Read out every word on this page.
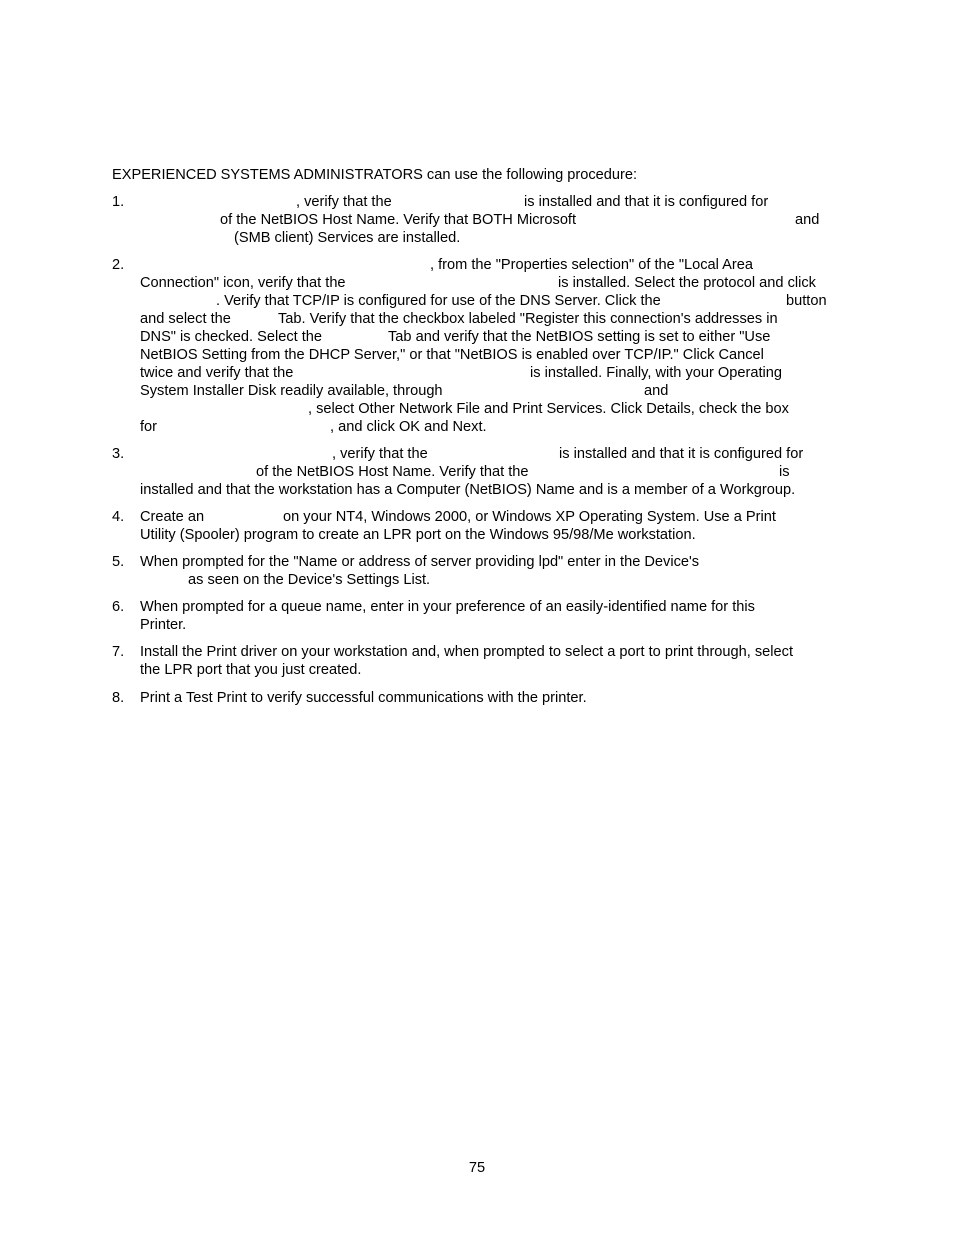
EXPERIENCED SYSTEMS ADMINISTRATORS can use the following procedure:
1.	, verify that the	is installed and that it is configured for
of the NetBIOS Host Name. Verify that BOTH Microsoft	and
(SMB client) Services are installed.
2.	, from the "Properties selection" of the "Local Area
Connection" icon, verify that the	is installed. Select the protocol and click
. Verify that TCP/IP is configured for use of the DNS Server. Click the	button
and select the	Tab. Verify that the checkbox labeled "Register this connection's addresses in
DNS" is checked. Select the	Tab and verify that the NetBIOS setting is set to either "Use
NetBIOS Setting from the DHCP Server," or that "NetBIOS is enabled over TCP/IP." Click Cancel
twice and verify that the	is installed. Finally, with your Operating
System Installer Disk readily available, through	and
, select Other Network File and Print Services. Click Details, check the box
for	, and click OK and Next.
3.	, verify that the	is installed and that it is configured for
of the NetBIOS Host Name. Verify that the	is
installed and that the workstation has a Computer (NetBIOS) Name and is a member of a Workgroup.
4. Create an	on your NT4, Windows 2000, or Windows XP Operating System. Use a Print
Utility (Spooler) program to create an LPR port on the Windows 95/98/Me workstation.
5. When prompted for the "Name or address of server providing lpd" enter in the Device's
as seen on the Device's Settings List.
6. When prompted for a queue name, enter in your preference of an easily-identified name for this
Printer.
7. Install the Print driver on your workstation and, when prompted to select a port to print through, select
the LPR port that you just created.
8. Print a Test Print to verify successful communications with the printer.
75
